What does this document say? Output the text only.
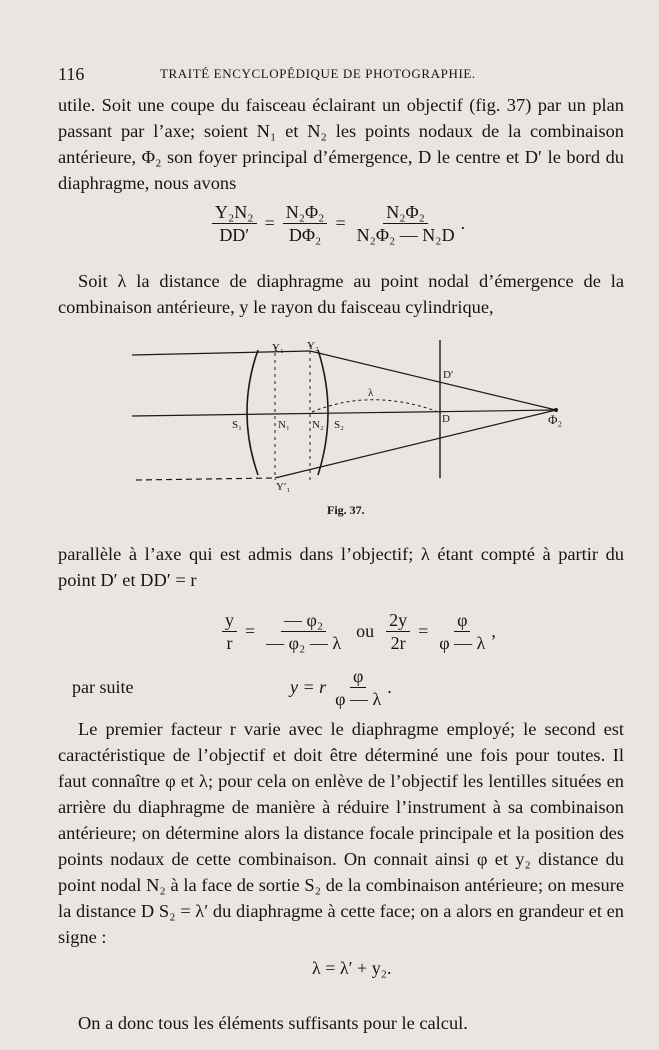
116	TRAITÉ ENCYCLOPÉDIQUE DE PHOTOGRAPHIE.

utile. Soit une coupe du faisceau éclairant un objectif (fig. 37) par un plan passant par l’axe; soient N₁ et N₂ les points nodaux de la combinaison antérieure, Φ₂ son foyer principal d’émergence, D le centre et D′ le bord du diaphragme, nous avons

$\frac{\text{Y₂N₂}}{DD'} = \frac{\text{N₂Φ₂}}{\text{DΦ₂}} = \frac{\text{N₂Φ₂}}{\text{N₂Φ₂ — N₂D}}$ .

Soit λ la distance de diaphragme au point nodal d’émergence de la combinaison antérieure, y le rayon du faisceau cylindrique,

Y₁ Y₂
D′
λ
S₁	N₁ N₂ S₂	D	Φ₂
Y′₁
Fig. 37.

parallèle à l’axe qui est admis dans l’objectif; λ étant compté à partir du point D′ et DD′ = r

$\frac{y}{r} = \frac{\text{— φ₂}}{\text{— φ₂ — λ}}$ ou $\frac{2y}{2r} = \frac{\varphi}{\varphi — \lambda}$ ,
par suite	y = r $\frac{\varphi}{\varphi — \lambda}$ .

Le premier facteur r varie avec le diaphragme employé; le second est caractéristique de l’objectif et doit être déterminé une fois pour toutes. Il faut connaître φ et λ; pour cela on enlève de l’objectif les lentilles situées en arrière du diaphragme de manière à réduire l’instrument à sa combinaison antérieure; on détermine alors la distance focale principale et la position des points nodaux de cette combinaison. On connait ainsi φ et y₂ distance du point nodal N₂ à la face de sortie S₂ de la combinaison antérieure; on mesure la distance D S₂ = λ′ du diaphragme à cette face; on a alors en grandeur et en signe :

λ = λ′ + y₂.

On a donc tous les éléments suffisants pour le calcul.
